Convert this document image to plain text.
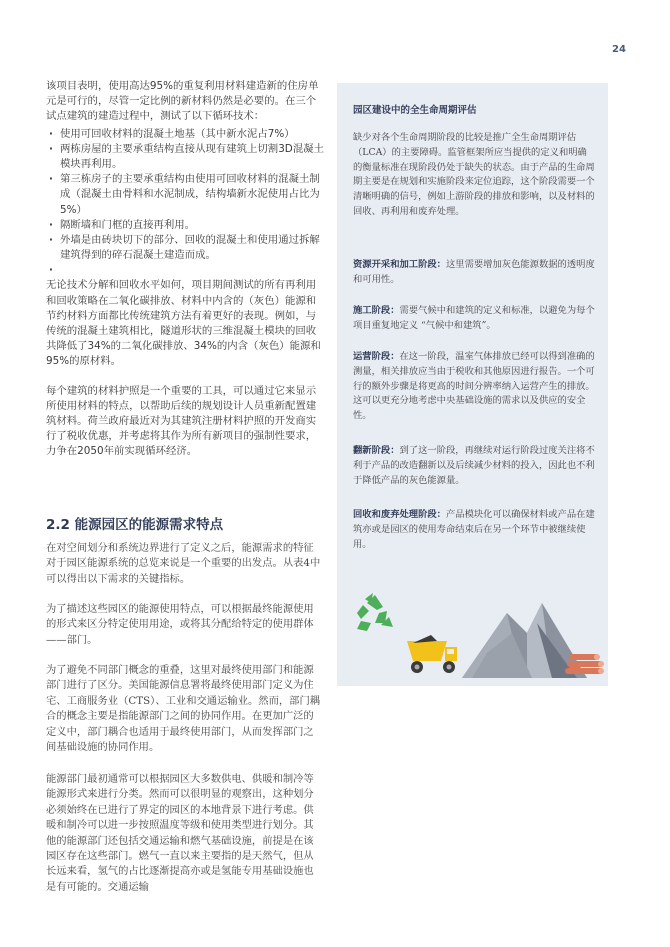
24

该项目表明，使用高达95%的重复利用材料建造新的住房单元是可行的，尽管一定比例的新材料仍然是必要的。在三个试点建筑的建造过程中，测试了以下循环技术：

· 使用可回收材料的混凝土地基（其中新水泥占7%）
· 两栋房屋的主要承重结构直接从现有建筑上切割3D混凝土模块再利用。
· 第三栋房子的主要承重结构由使用可回收材料的混凝土制成（混凝土由骨料和水泥制成，结构墙新水泥使用占比为5%）
· 隔断墙和门框的直接再利用。
· 外墙是由砖块切下的部分、回收的混凝土和使用通过拆解建筑得到的碎石混凝土建造而成。
·

无论技术分解和回收水平如何，项目期间测试的所有再利用和回收策略在二氧化碳排放、材料中内含的（灰色）能源和节约材料方面都比传统建筑方法有着更好的表现。例如，与传统的混凝土建筑相比，隧道形状的三维混凝土模块的回收共降低了34%的二氧化碳排放、34%的内含（灰色）能源和95%的原材料。

每个建筑的材料护照是一个重要的工具，可以通过它来显示所使用材料的特点，以帮助后续的规划设计人员重新配置建筑材料。荷兰政府最近对为其建筑注册材料护照的开发商实行了税收优惠，并考虑将其作为所有新项目的强制性要求，力争在2050年前实现循环经济。

2.2 能源园区的能源需求特点

在对空间划分和系统边界进行了定义之后，能源需求的特征对于园区能源系统的总览来说是一个重要的出发点。从表4中可以得出以下需求的关键指标。

为了描述这些园区的能源使用特点，可以根据最终能源使用的形式来区分特定使用用途，或将其分配给特定的使用群体——部门。

为了避免不同部门概念的重叠，这里对最终使用部门和能源部门进行了区分。美国能源信息署将最终使用部门定义为住宅、工商服务业（CTS）、工业和交通运输业。然而，部门耦合的概念主要是指能源部门之间的协同作用。在更加广泛的定义中，部门耦合也适用于最终使用部门，从而发挥部门之间基础设施的协同作用。

能源部门最初通常可以根据园区大多数供电、供暖和制冷等能源形式来进行分类。然而可以很明显的观察出，这种划分必须始终在已进行了界定的园区的本地背景下进行考虑。供暖和制冷可以进一步按照温度等级和使用类型进行划分。其他的能源部门还包括交通运输和燃气基础设施，前提是在该园区存在这些部门。燃气一直以来主要指的是天然气，但从长远来看，氢气的占比逐渐提高亦或是氢能专用基础设施也是有可能的。交通运输

园区建设中的全生命周期评估
缺少对各个生命周期阶段的比较是推广全生命周期评估（LCA）的主要障碍。监管框架所应当提供的定义和明确的衡量标准在现阶段仍处于缺失的状态。由于产品的生命周期主要是在规划和实施阶段来定位追踪，这个阶段需要一个清晰明确的信号，例如上游阶段的排放和影响，以及材料的回收、再利用和废弃处理。
资源开采和加工阶段：这里需要增加灰色能源数据的透明度和可用性。
施工阶段：需要气候中和建筑的定义和标准，以避免为每个项目重复地定义 “气候中和建筑”。
运营阶段：在这一阶段，温室气体排放已经可以得到准确的测量，相关排放应当由于税收和其他原因进行报告。一个可行的额外步骤是将更高的时间分辨率纳入运营产生的排放。这可以更充分地考虑中央基础设施的需求以及供应的安全性。
翻新阶段：到了这一阶段，再继续对运行阶段过度关注将不利于产品的改造翻新以及后续减少材料的投入，因此也不利于降低产品的灰色能源量。
回收和废弃处理阶段：产品模块化可以确保材料或产品在建筑亦或是园区的使用寿命结束后在另一个环节中被继续使用。
